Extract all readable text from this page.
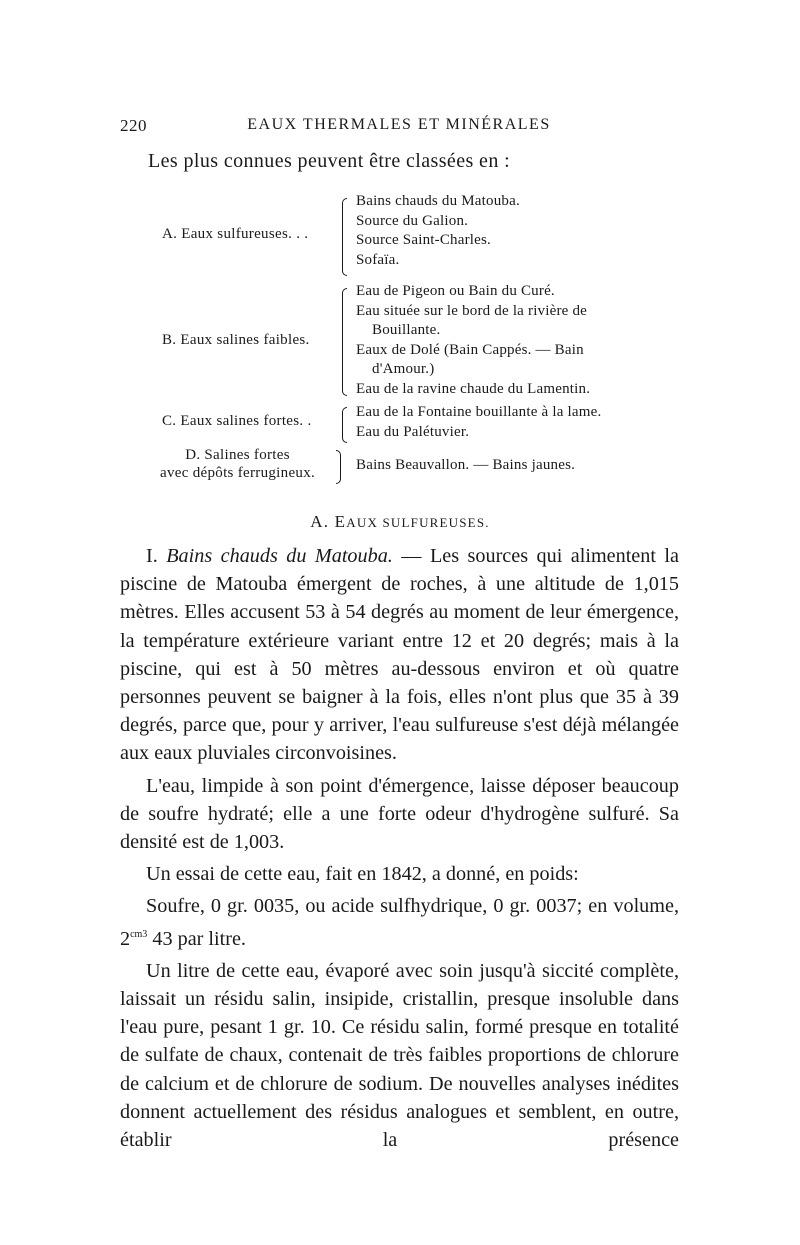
220	EAUX THERMALES ET MINÉRALES
Les plus connues peuvent être classées en :
A. Eaux sulfureuses. . .
Bains chauds du Matouba.
Source du Galion.
Source Saint-Charles.
Sofaïa.
B. Eaux salines faibles.
Eau de Pigeon ou Bain du Curé.
Eau située sur le bord de la rivière de
Bouillante.
Eaux de Dolé (Bain Cappés. — Bain
d'Amour.)
Eau de la ravine chaude du Lamentin.
C. Eaux salines fortes. .
Eau de la Fontaine bouillante à la lame.
Eau du Palétuvier.
D. Salines fortes
avec dépôts ferrugineux.	Bains Beauvallon. — Bains jaunes.
A. EAUX SULFUREUSES.

I. Bains chauds du Matouba. — Les sources qui alimentent la piscine de Matouba émergent de roches, à une altitude de 1,015 mètres. Elles accusent 53 à 54 degrés au moment de leur émergence, la température extérieure variant entre 12 et 20 degrés; mais à la piscine, qui est à 50 mètres au-dessous environ et où quatre personnes peuvent se baigner à la fois, elles n'ont plus que 35 à 39 degrés, parce que, pour y arriver, l'eau sulfureuse s'est déjà mélangée aux eaux pluviales circonvoisines.

L'eau, limpide à son point d'émergence, laisse déposer beaucoup de soufre hydraté; elle a une forte odeur d'hydrogène sulfuré. Sa densité est de 1,003.

Un essai de cette eau, fait en 1842, a donné, en poids:

Soufre, 0 gr. 0035, ou acide sulfhydrique, 0 gr. 0037; en volume, $2^{cm3}$ 43 par litre.

Un litre de cette eau, évaporé avec soin jusqu'à siccité complète, laissait un résidu salin, insipide, cristallin, presque insoluble dans l'eau pure, pesant 1 gr. 10. Ce résidu salin, formé presque en totalité de sulfate de chaux, contenait de très faibles proportions de chlorure de calcium et de chlorure de sodium. De nouvelles analyses inédites donnent actuellement des résidus analogues et semblent, en outre, établir la présence
